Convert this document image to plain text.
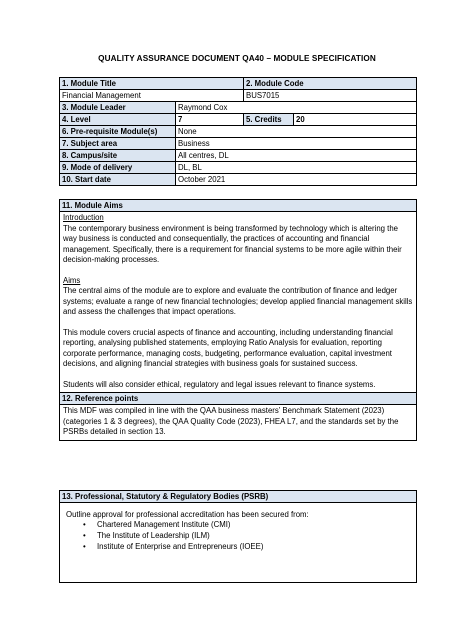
QUALITY ASSURANCE DOCUMENT QA40 – MODULE SPECIFICATION
1. Module Title		2. Module Code	
Financial Management		BUS7015	
3. Module Leader	Raymond Cox		
4. Level	7	5. Credits	20
6. Pre-requisite Module(s)	None		
7. Subject area	Business		
8. Campus/site	All centres, DL		
9. Mode of delivery	DL, BL		
10. Start date	October 2021		
11. Module Aims

Introduction

The contemporary business environment is being transformed by technology which is altering the way business is conducted and consequentially, the practices of accounting and financial management. Specifically, there is a requirement for financial systems to be more agile within their decision-making processes.

Aims

The central aims of the module are to explore and evaluate the contribution of finance and ledger systems; evaluate a range of new financial technologies; develop applied financial management skills and assess the challenges that impact operations.

This module covers crucial aspects of finance and accounting, including understanding financial reporting, analysing published statements, employing Ratio Analysis for evaluation, reporting corporate performance, managing costs, budgeting, performance evaluation, capital investment decisions, and aligning financial strategies with business goals for sustained success.

Students will also consider ethical, regulatory and legal issues relevant to finance systems.

12. Reference points
This MDF was compiled in line with the QAA business masters’ Benchmark Statement (2023) (categories 1 & 3 degrees), the QAA Quality Code (2023), FHEA L7, and the standards set by the PSRBs detailed in section 13.
13. Professional, Statutory & Regulatory Bodies (PSRB)

Outline approval for professional accreditation has been secured from:

• Chartered Management Institute (CMI)
• The Institute of Leadership (ILM)
• Institute of Enterprise and Entrepreneurs (IOEE)
